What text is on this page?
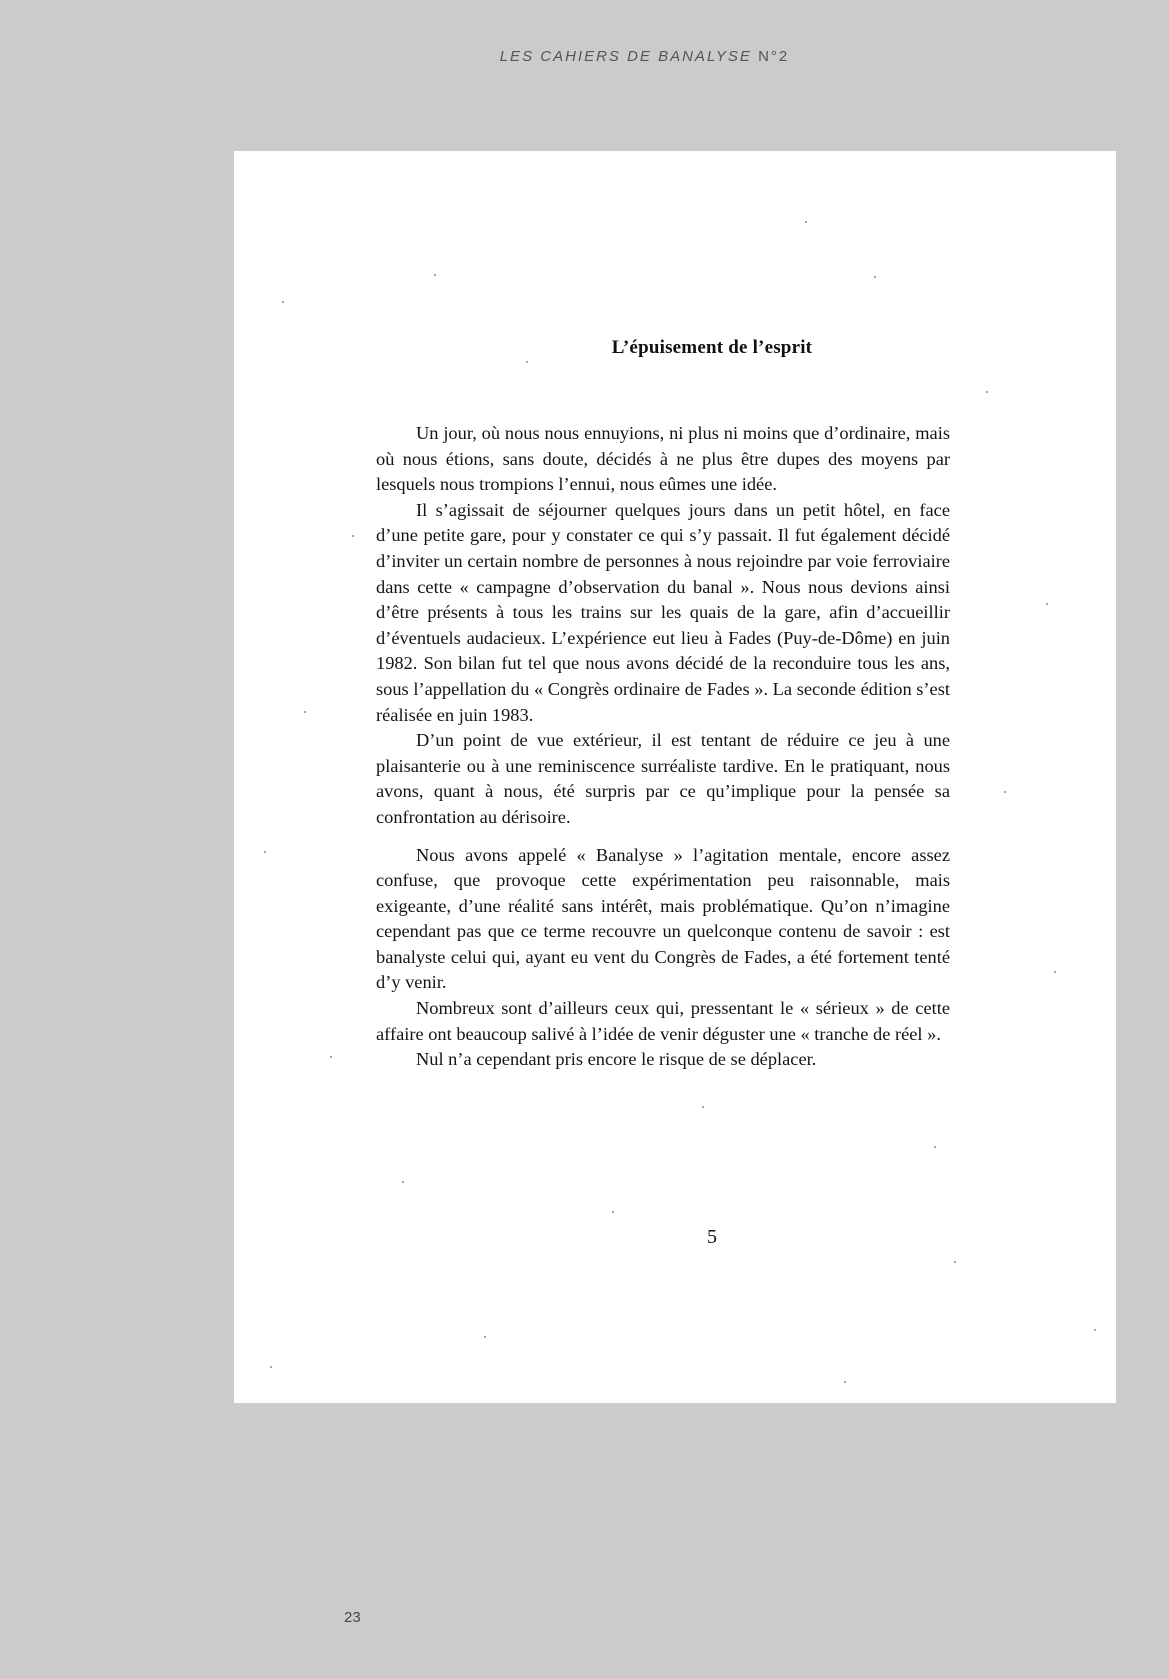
LES CAHIERS DE BANALYSE N°2
L’épuisement de l’esprit

Un jour, où nous nous ennuyions, ni plus ni moins que d’ordinaire, mais où nous étions, sans doute, décidés à ne plus être dupes des moyens par lesquels nous trompions l’ennui, nous eûmes une idée.

Il s’agissait de séjourner quelques jours dans un petit hôtel, en face d’une petite gare, pour y constater ce qui s’y passait. Il fut également décidé d’inviter un certain nombre de personnes à nous rejoindre par voie ferroviaire dans cette « campagne d’observation du banal ». Nous nous devions ainsi d’être présents à tous les trains sur les quais de la gare, afin d’accueillir d’éventuels audacieux. L’expérience eut lieu à Fades (Puy-de-Dôme) en juin 1982. Son bilan fut tel que nous avons décidé de la reconduire tous les ans, sous l’appellation du « Congrès ordinaire de Fades ». La seconde édition s’est réalisée en juin 1983.

D’un point de vue extérieur, il est tentant de réduire ce jeu à une plaisanterie ou à une reminiscence surréaliste tardive. En le pratiquant, nous avons, quant à nous, été surpris par ce qu’implique pour la pensée sa confrontation au dérisoire.

Nous avons appelé « Banalyse » l’agitation mentale, encore assez confuse, que provoque cette expérimentation peu raisonnable, mais exigeante, d’une réalité sans intérêt, mais problématique. Qu’on n’imagine cependant pas que ce terme recouvre un quelconque contenu de savoir : est banalyste celui qui, ayant eu vent du Congrès de Fades, a été fortement tenté d’y venir.

Nombreux sont d’ailleurs ceux qui, pressentant le « sérieux » de cette affaire ont beaucoup salivé à l’idée de venir déguster une « tranche de réel ».

Nul n’a cependant pris encore le risque de se déplacer.

5
23
